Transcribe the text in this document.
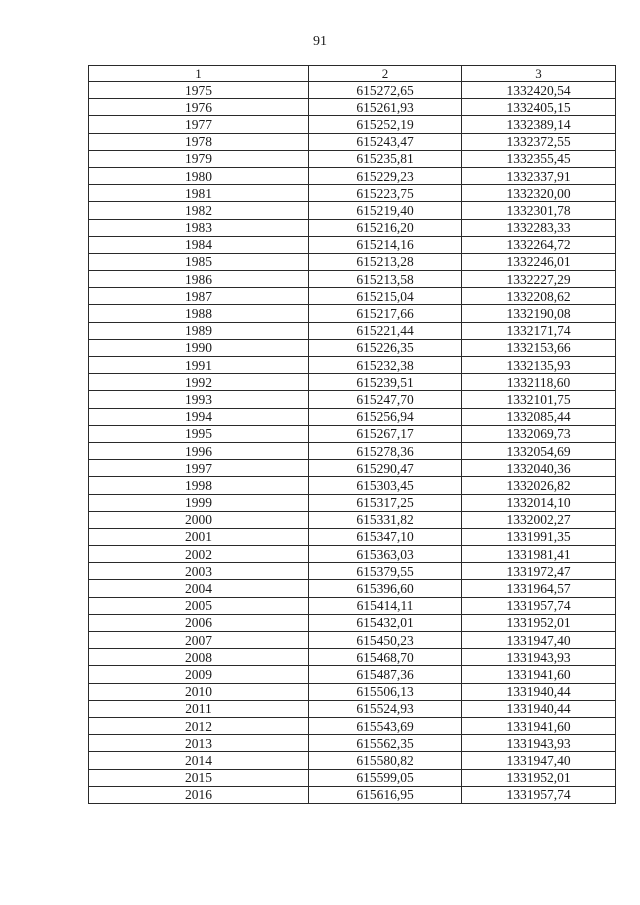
91
1	2	3
1975	615272,65	1332420,54
1976	615261,93	1332405,15
1977	615252,19	1332389,14
1978	615243,47	1332372,55
1979	615235,81	1332355,45
1980	615229,23	1332337,91
1981	615223,75	1332320,00
1982	615219,40	1332301,78
1983	615216,20	1332283,33
1984	615214,16	1332264,72
1985	615213,28	1332246,01
1986	615213,58	1332227,29
1987	615215,04	1332208,62
1988	615217,66	1332190,08
1989	615221,44	1332171,74
1990	615226,35	1332153,66
1991	615232,38	1332135,93
1992	615239,51	1332118,60
1993	615247,70	1332101,75
1994	615256,94	1332085,44
1995	615267,17	1332069,73
1996	615278,36	1332054,69
1997	615290,47	1332040,36
1998	615303,45	1332026,82
1999	615317,25	1332014,10
2000	615331,82	1332002,27
2001	615347,10	1331991,35
2002	615363,03	1331981,41
2003	615379,55	1331972,47
2004	615396,60	1331964,57
2005	615414,11	1331957,74
2006	615432,01	1331952,01
2007	615450,23	1331947,40
2008	615468,70	1331943,93
2009	615487,36	1331941,60
2010	615506,13	1331940,44
2011	615524,93	1331940,44
2012	615543,69	1331941,60
2013	615562,35	1331943,93
2014	615580,82	1331947,40
2015	615599,05	1331952,01
2016	615616,95	1331957,74
